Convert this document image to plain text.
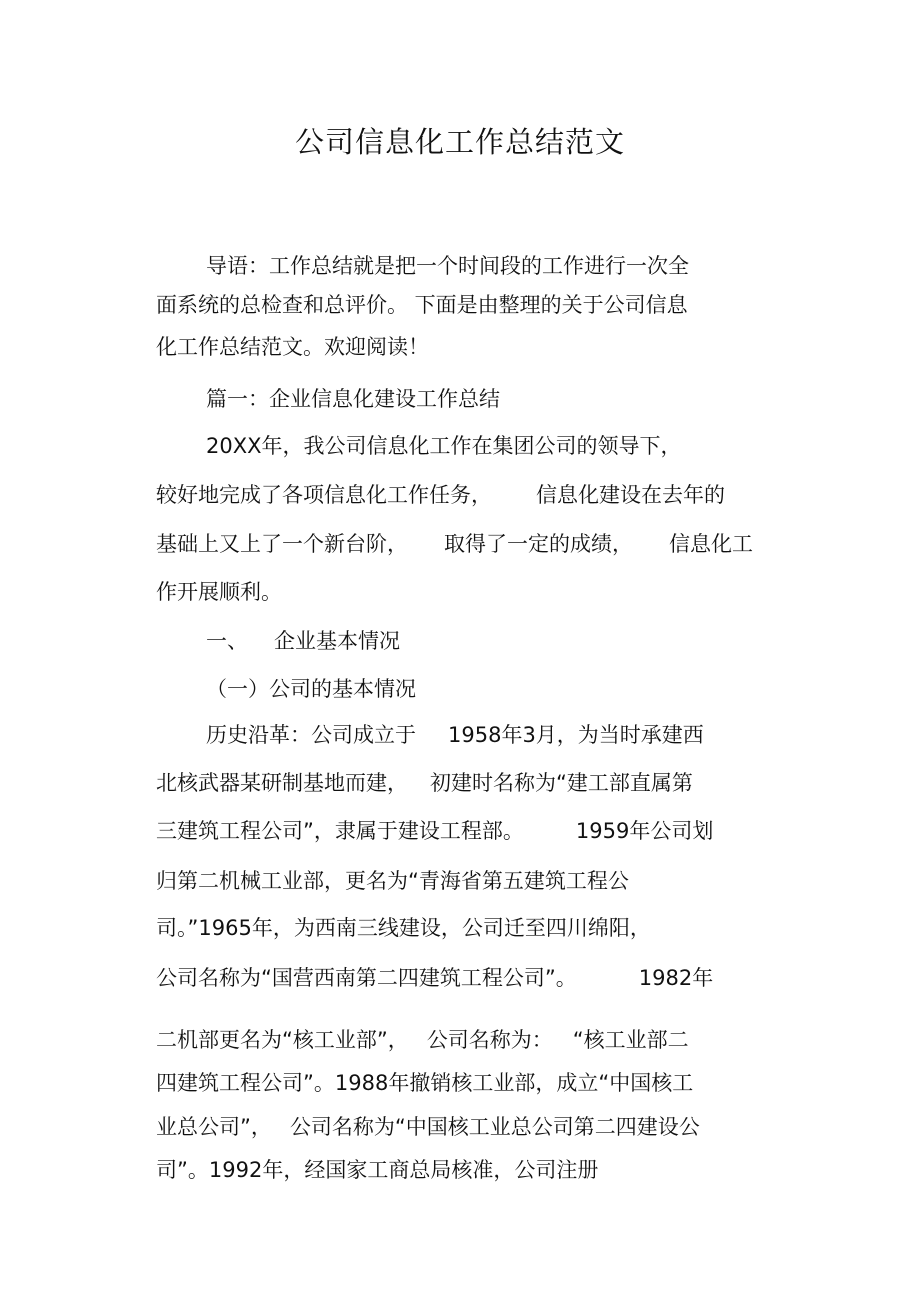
公司信息化工作总结范文
导语：工作总结就是把一个时间段的工作进行一次全
面系统的总检查和总评价。 下面是由整理的关于公司信息
化工作总结范文。欢迎阅读！
篇一：企业信息化建设工作总结
20XX年，我公司信息化工作在集团公司的领导下，
较好地完成了各项信息化工作任务， 信息化建设在去年的
基础上又上了一个新台阶， 取得了一定的成绩， 信息化工
作开展顺利。
一、 企业基本情况
（一）公司的基本情况
历史沿革：公司成立于 1958年3月，为当时承建西
北核武器某研制基地而建， 初建时名称为“建工部直属第
三建筑工程公司”，隶属于建设工程部。 1959年公司划
归第二机械工业部，更名为“青海省第五建筑工程公
司。”1965年，为西南三线建设，公司迁至四川绵阳，
公司名称为“国营西南第二四建筑工程公司”。	1982年
二机部更名为“核工业部”， 公司名称为： “核工业部二
四建筑工程公司”。1988年撤销核工业部，成立“中国核工
业总公司”， 公司名称为“中国核工业总公司第二四建设公
司”。1992年，经国家工商总局核准，公司注册
